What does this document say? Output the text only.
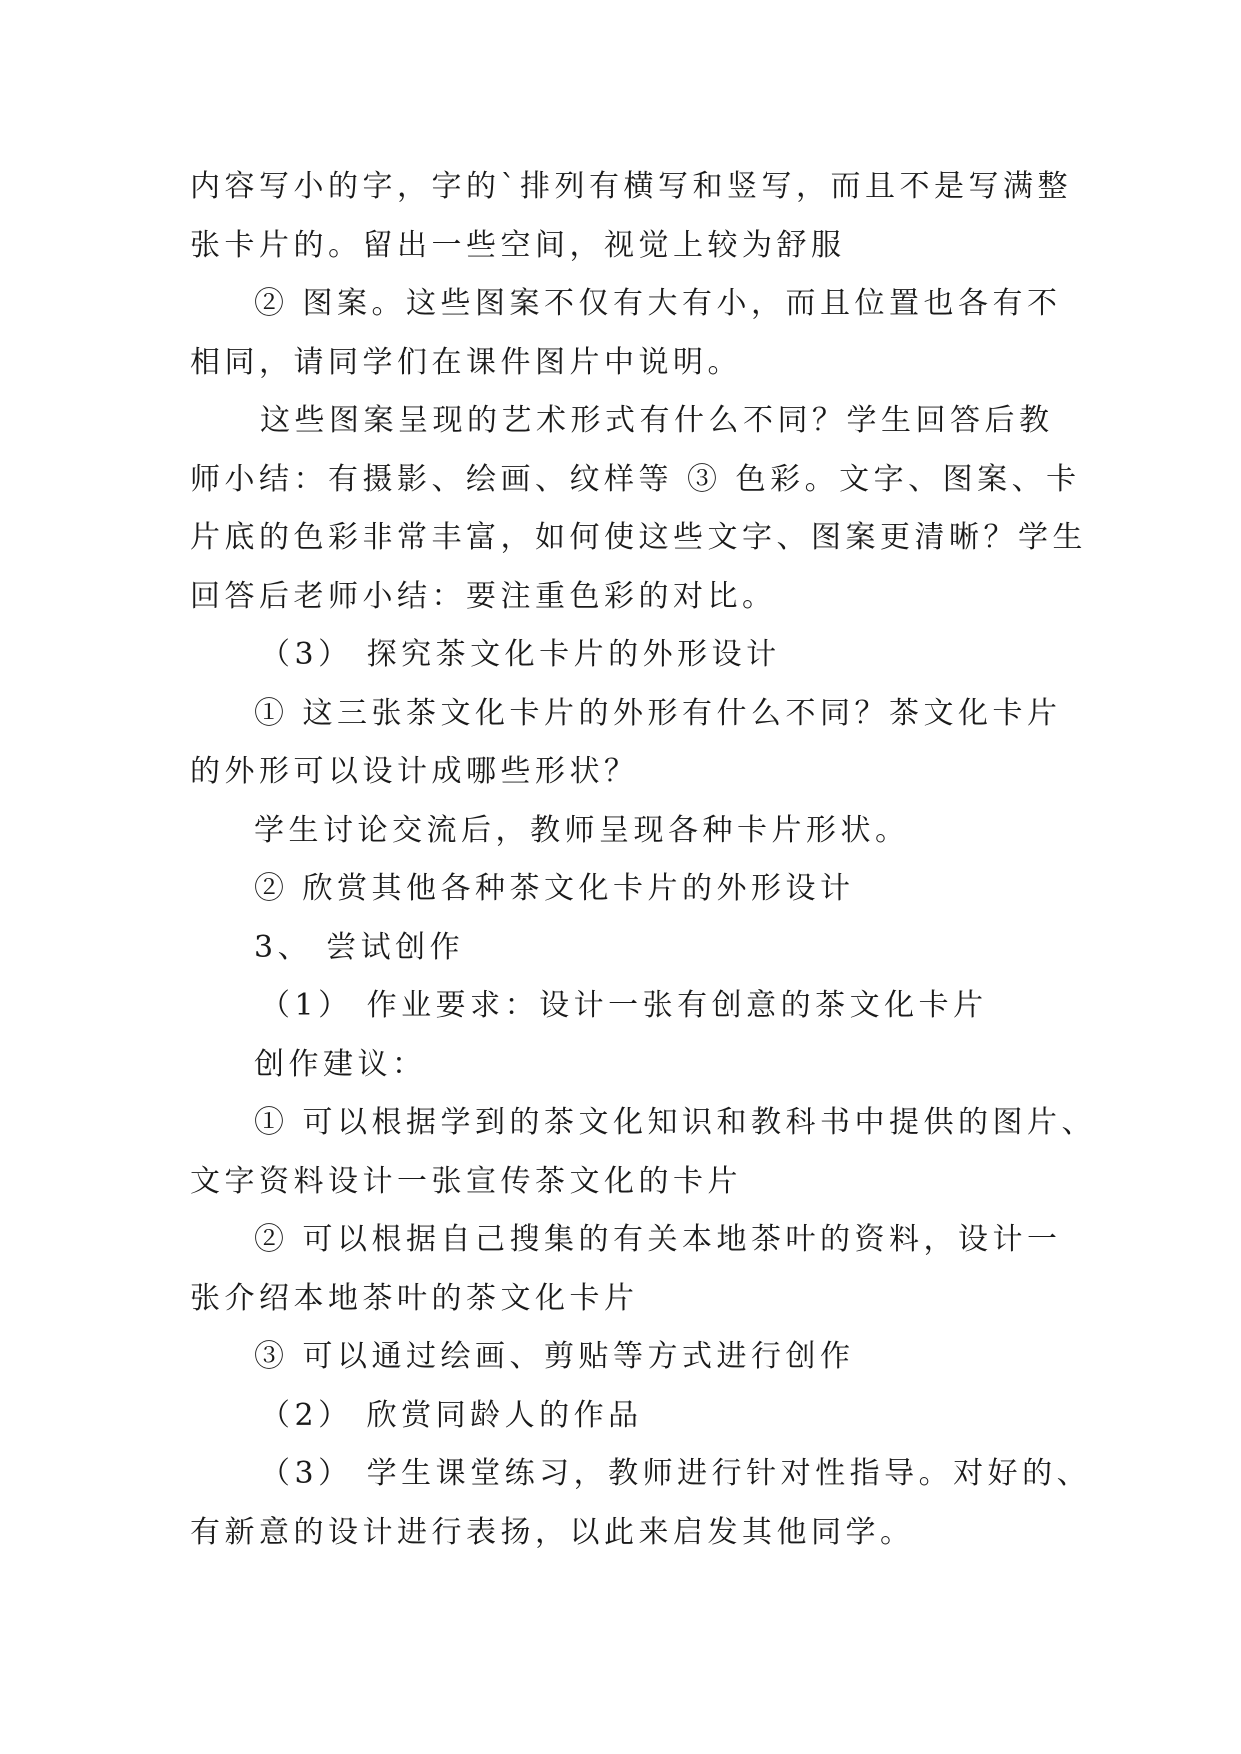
内容写小的字，字的`排列有横写和竖写，而且不是写满整
张卡片的。留出一些空间，视觉上较为舒服
② 图案。这些图案不仅有大有小，而且位置也各有不
相同，请同学们在课件图片中说明。
这些图案呈现的艺术形式有什么不同？学生回答后教
师小结：有摄影、绘画、纹样等 ③ 色彩。文字、图案、卡
片底的色彩非常丰富，如何使这些文字、图案更清晰？学生
回答后老师小结：要注重色彩的对比。
（3） 探究茶文化卡片的外形设计
① 这三张茶文化卡片的外形有什么不同？茶文化卡片
的外形可以设计成哪些形状？
学生讨论交流后，教师呈现各种卡片形状。
② 欣赏其他各种茶文化卡片的外形设计
3、 尝试创作
（1） 作业要求：设计一张有创意的茶文化卡片
创作建议：
① 可以根据学到的茶文化知识和教科书中提供的图片、
文字资料设计一张宣传茶文化的卡片
② 可以根据自己搜集的有关本地茶叶的资料，设计一
张介绍本地茶叶的茶文化卡片
③ 可以通过绘画、剪贴等方式进行创作
（2） 欣赏同龄人的作品
（3） 学生课堂练习，教师进行针对性指导。对好的、
有新意的设计进行表扬，以此来启发其他同学。
